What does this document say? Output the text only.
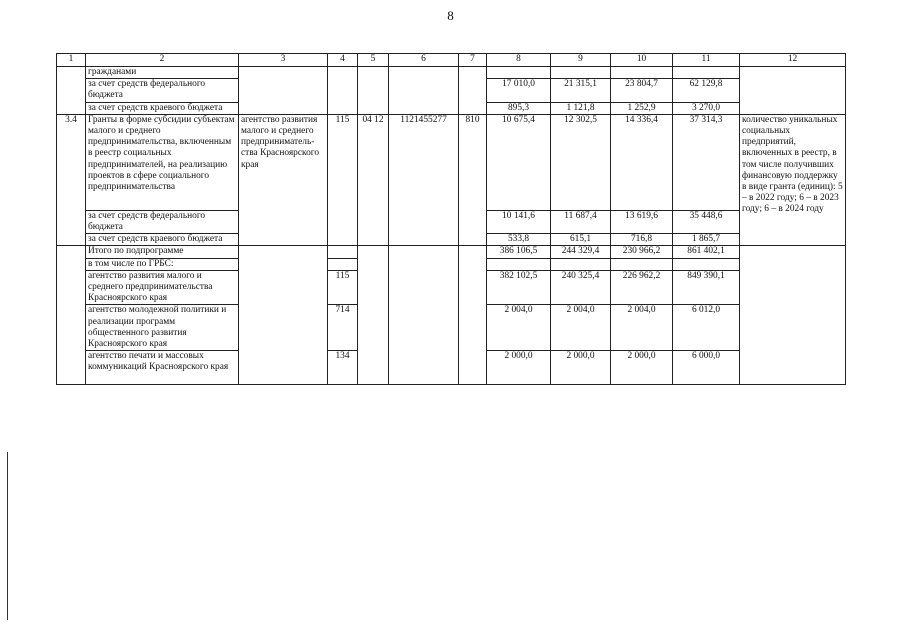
8
1	2	3	4	5	6	7	8	9	10	11	12
	гражданами										
	за счет средств федерального бюджета						17 010,0	21 315,1	23 804,7	62 129,8	
	за счет средств краевого бюджета						895,3	1 121,8	1 252,9	3 270,0	
3.4	Гранты в форме субсидии субъектам малого и среднего предпринимательства, включенным в реестр социальных предпринимателей, на реализацию проектов в сфере социального предпринимательства	агентство развития малого и среднего предприниматель-ства Красноярского края	115	04 12	1121455277	810	10 675,4	12 302,5	14 336,4	37 314,3	количество уникальных социальных предприятий, включенных в реестр, в том числе получивших финансовую поддержку в виде гранта (единиц): 5 – в 2022 году; 6 – в 2023 году; 6 – в 2024 году
	за счет средств федерального бюджета						10 141,6	11 687,4	13 619,6	35 448,6	
	за счет средств краевого бюджета						533,8	615,1	716,8	1 865,7	
	Итого по подпрограмме						386 106,5	244 329,4	230 966,2	861 402,1	
	в том числе по ГРБС:										
	агентство развития малого и среднего предпринимательства Красноярского края		115				382 102,5	240 325,4	226 962,2	849 390,1	
	агентство молодежной политики и реализации программ общественного развития Красноярского края		714				2 004,0	2 004,0	2 004,0	6 012,0	
	агентство печати и массовых коммуникаций Красноярского края		134				2 000,0	2 000,0	2 000,0	6 000,0	
